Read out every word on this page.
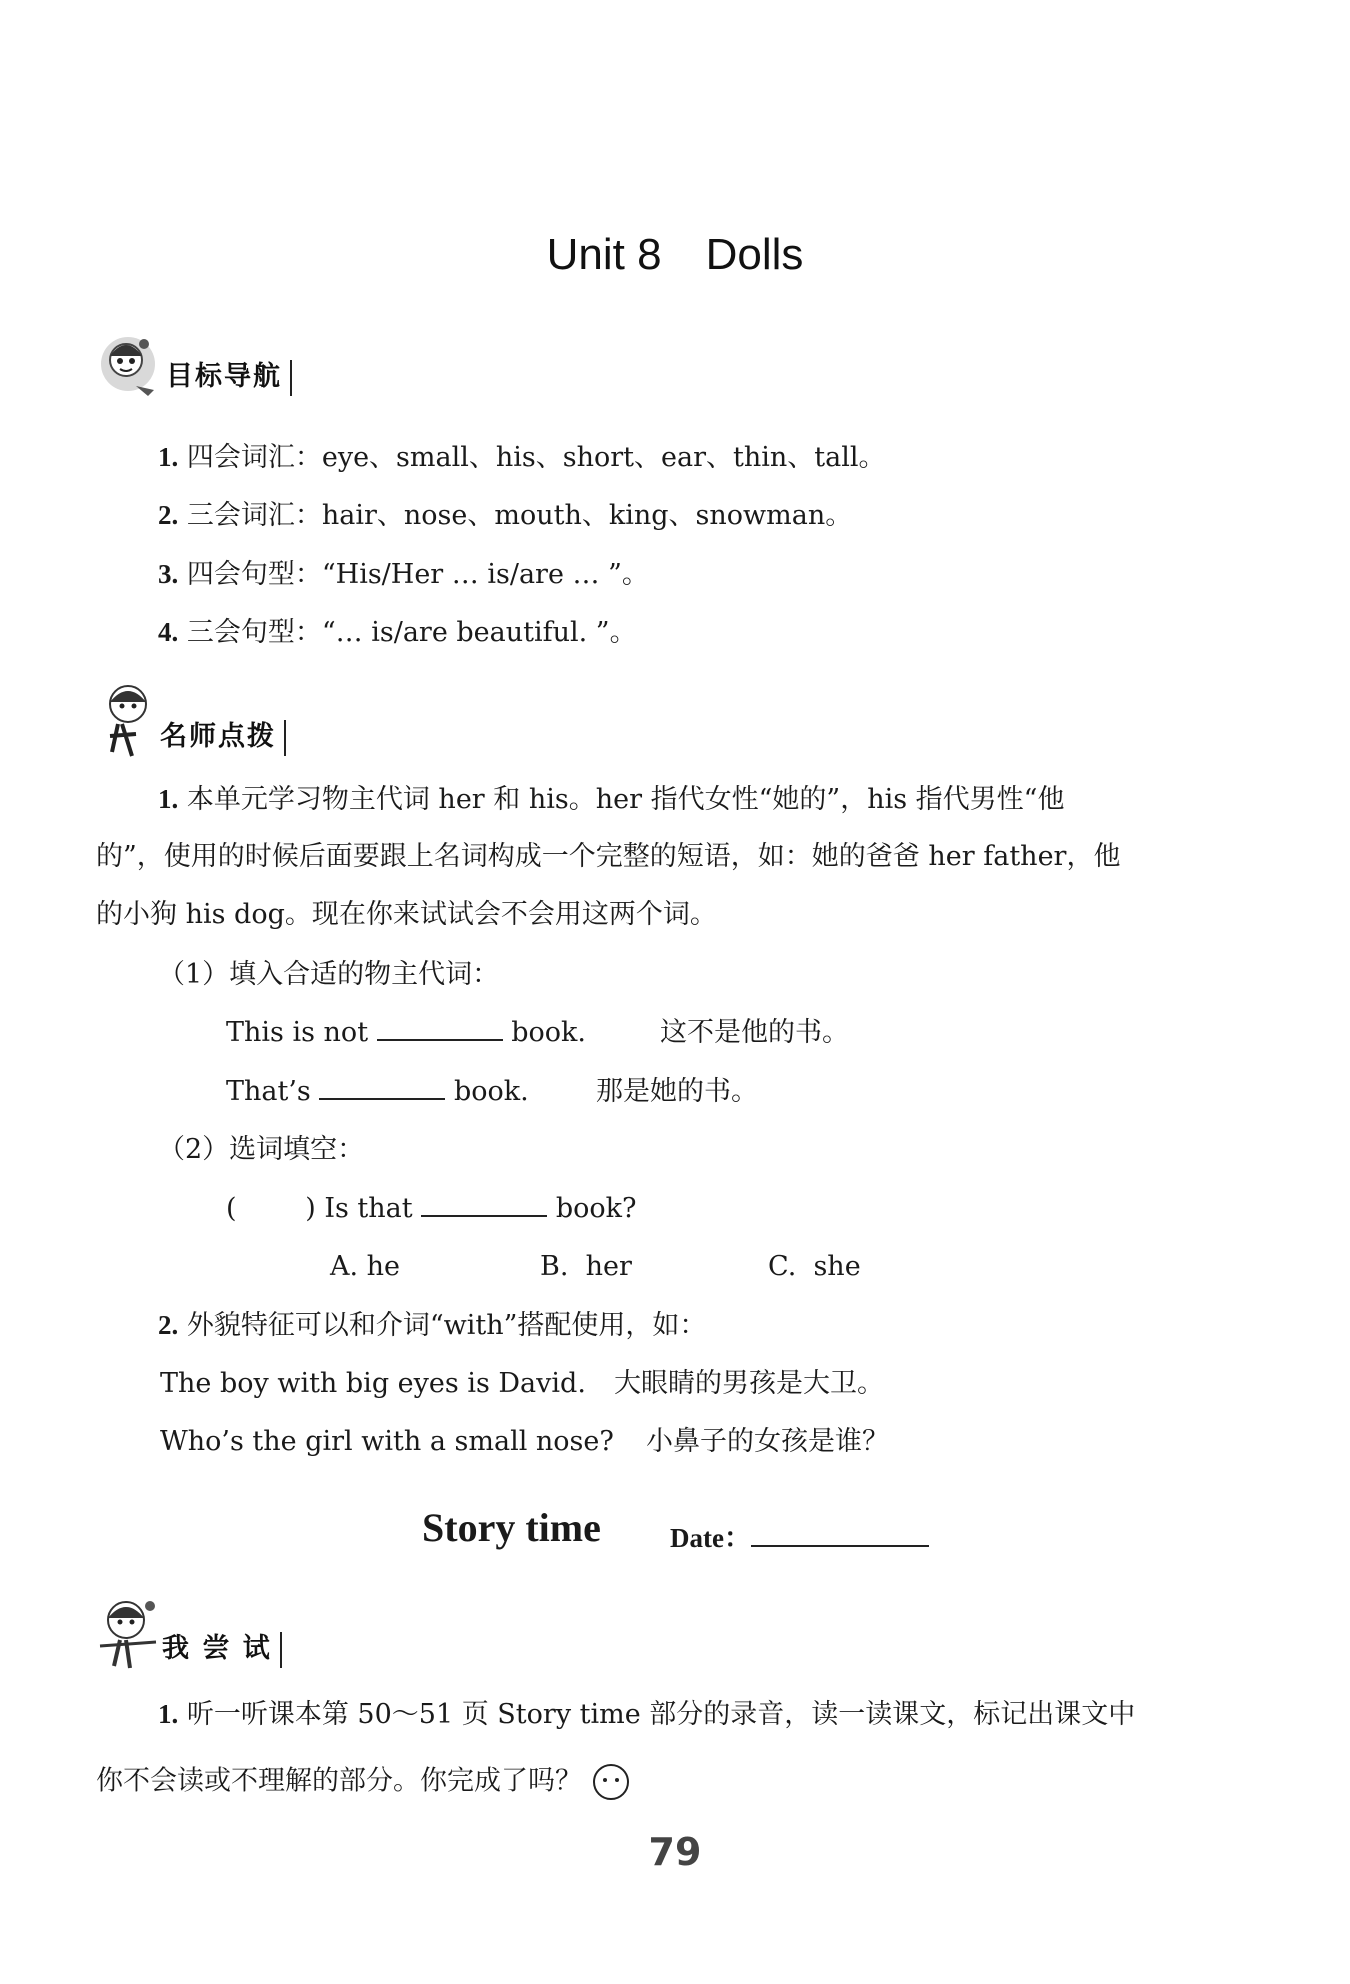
Unit 8 Dolls
目标导航
1. 四会词汇：eye、small、his、short、ear、thin、tall。
2. 三会词汇：hair、nose、mouth、king、snowman。
3. 四会句型：“His/Her … is/are … ”。
4. 三会句型：“… is/are beautiful. ”。
名师点拨
1. 本单元学习物主代词 her 和 his。her 指代女性“她的”，his 指代男性“他
的”，使用的时候后面要跟上名词构成一个完整的短语，如：她的爸爸 her father，他
的小狗 his dog。现在你来试试会不会用这两个词。
（1）填入合适的物主代词：
This is not	book.	这不是他的书。
That’s	book. 那是她的书。
（2）选词填空：
(        ) Is that	book?
A. he	B.  her	C.  she
2. 外貌特征可以和介词“with”搭配使用，如：
The boy with big eyes is David. 大眼睛的男孩是大卫。
Who’s the girl with a small nose? 小鼻子的女孩是谁？
Story time	Date：
我 尝 试
1. 听一听课本第 50～51 页 Story time 部分的录音，读一读课文，标记出课文中
你不会读或不理解的部分。你完成了吗？
79
